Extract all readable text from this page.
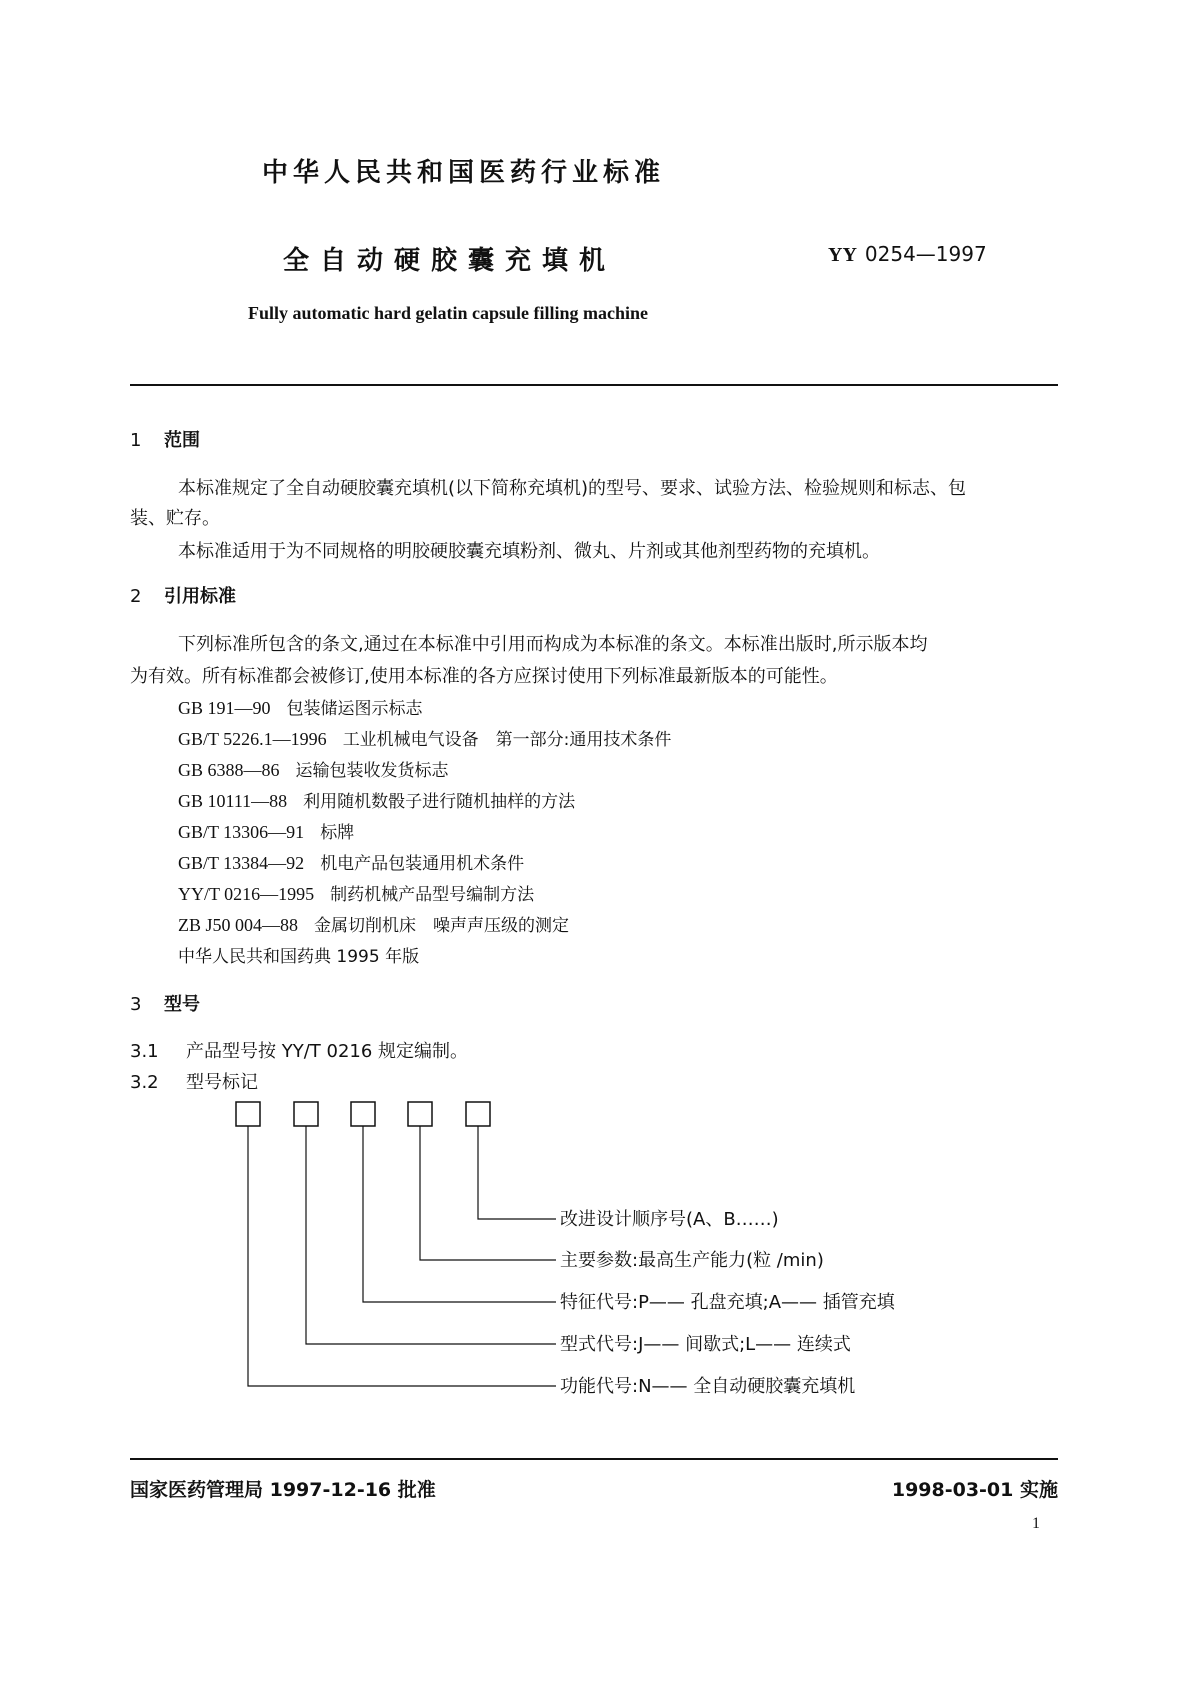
中华人民共和国医药行业标准
全自动硬胶囊充填机	YY 0254—1997
Fully automatic hard gelatin capsule filling machine
1 范围
本标准规定了全自动硬胶囊充填机(以下简称充填机)的型号、要求、试验方法、检验规则和标志、包
装、贮存。
本标准适用于为不同规格的明胶硬胶囊充填粉剂、微丸、片剂或其他剂型药物的充填机。
2 引用标准
下列标准所包含的条文,通过在本标准中引用而构成为本标准的条文。本标准出版时,所示版本均
为有效。所有标准都会被修订,使用本标准的各方应探讨使用下列标准最新版本的可能性。
GB 191—90 包装储运图示标志
GB/T 5226.1—1996 工业机械电气设备　第一部分:通用技术条件
GB 6388—86 运输包装收发货标志
GB 10111—88 利用随机数骰子进行随机抽样的方法
GB/T 13306—91 标牌
GB/T 13384—92 机电产品包装通用机术条件
YY/T 0216—1995 制药机械产品型号编制方法
ZB J50 004—88 金属切削机床　噪声声压级的测定
中华人民共和国药典 1995 年版
3 型号
3.1 产品型号按 YY/T 0216 规定编制。
3.2 型号标记
改进设计顺序号(A、B……)
主要参数:最高生产能力(粒 /min)
特征代号:P—— 孔盘充填;A—— 插管充填
型式代号:J—— 间歇式;L—— 连续式
功能代号:N—— 全自动硬胶囊充填机
国家医药管理局 1997-12-16 批准	1998-03-01 实施
1
